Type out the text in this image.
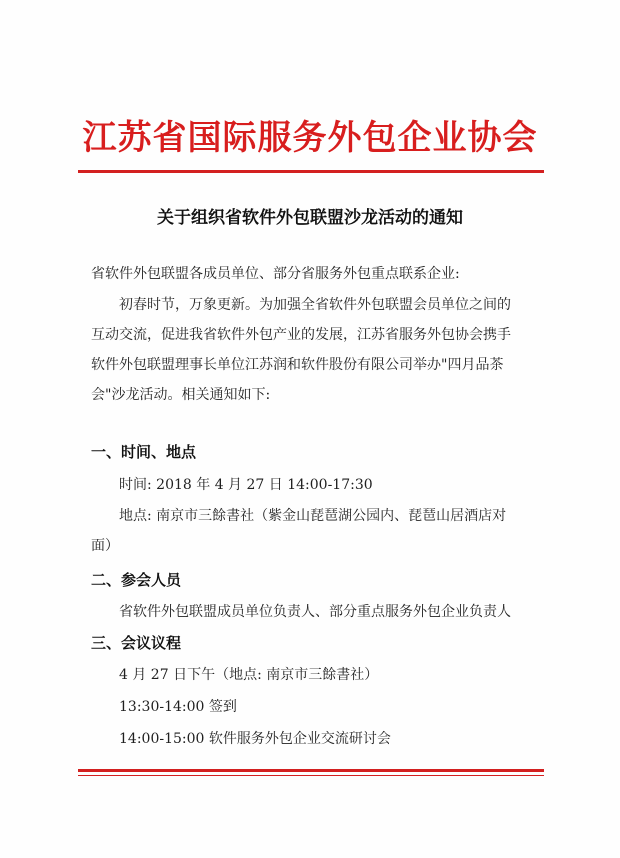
江苏省国际服务外包企业协会
关于组织省软件外包联盟沙龙活动的通知
省软件外包联盟各成员单位、部分省服务外包重点联系企业:
初春时节，万象更新。为加强全省软件外包联盟会员单位之间的
互动交流，促进我省软件外包产业的发展，江苏省服务外包协会携手
软件外包联盟理事长单位江苏润和软件股份有限公司举办"四月品茶
会"沙龙活动。相关通知如下:
一、时间、地点
时间: 2018 年 4 月 27 日 14:00-17:30
地点: 南京市三餘書社（紫金山琵琶湖公园内、琵琶山居酒店对
面）
二、参会人员
省软件外包联盟成员单位负责人、部分重点服务外包企业负责人
三、会议议程
4 月 27 日下午（地点: 南京市三餘書社）
13:30-14:00 签到
14:00-15:00 软件服务外包企业交流研讨会
